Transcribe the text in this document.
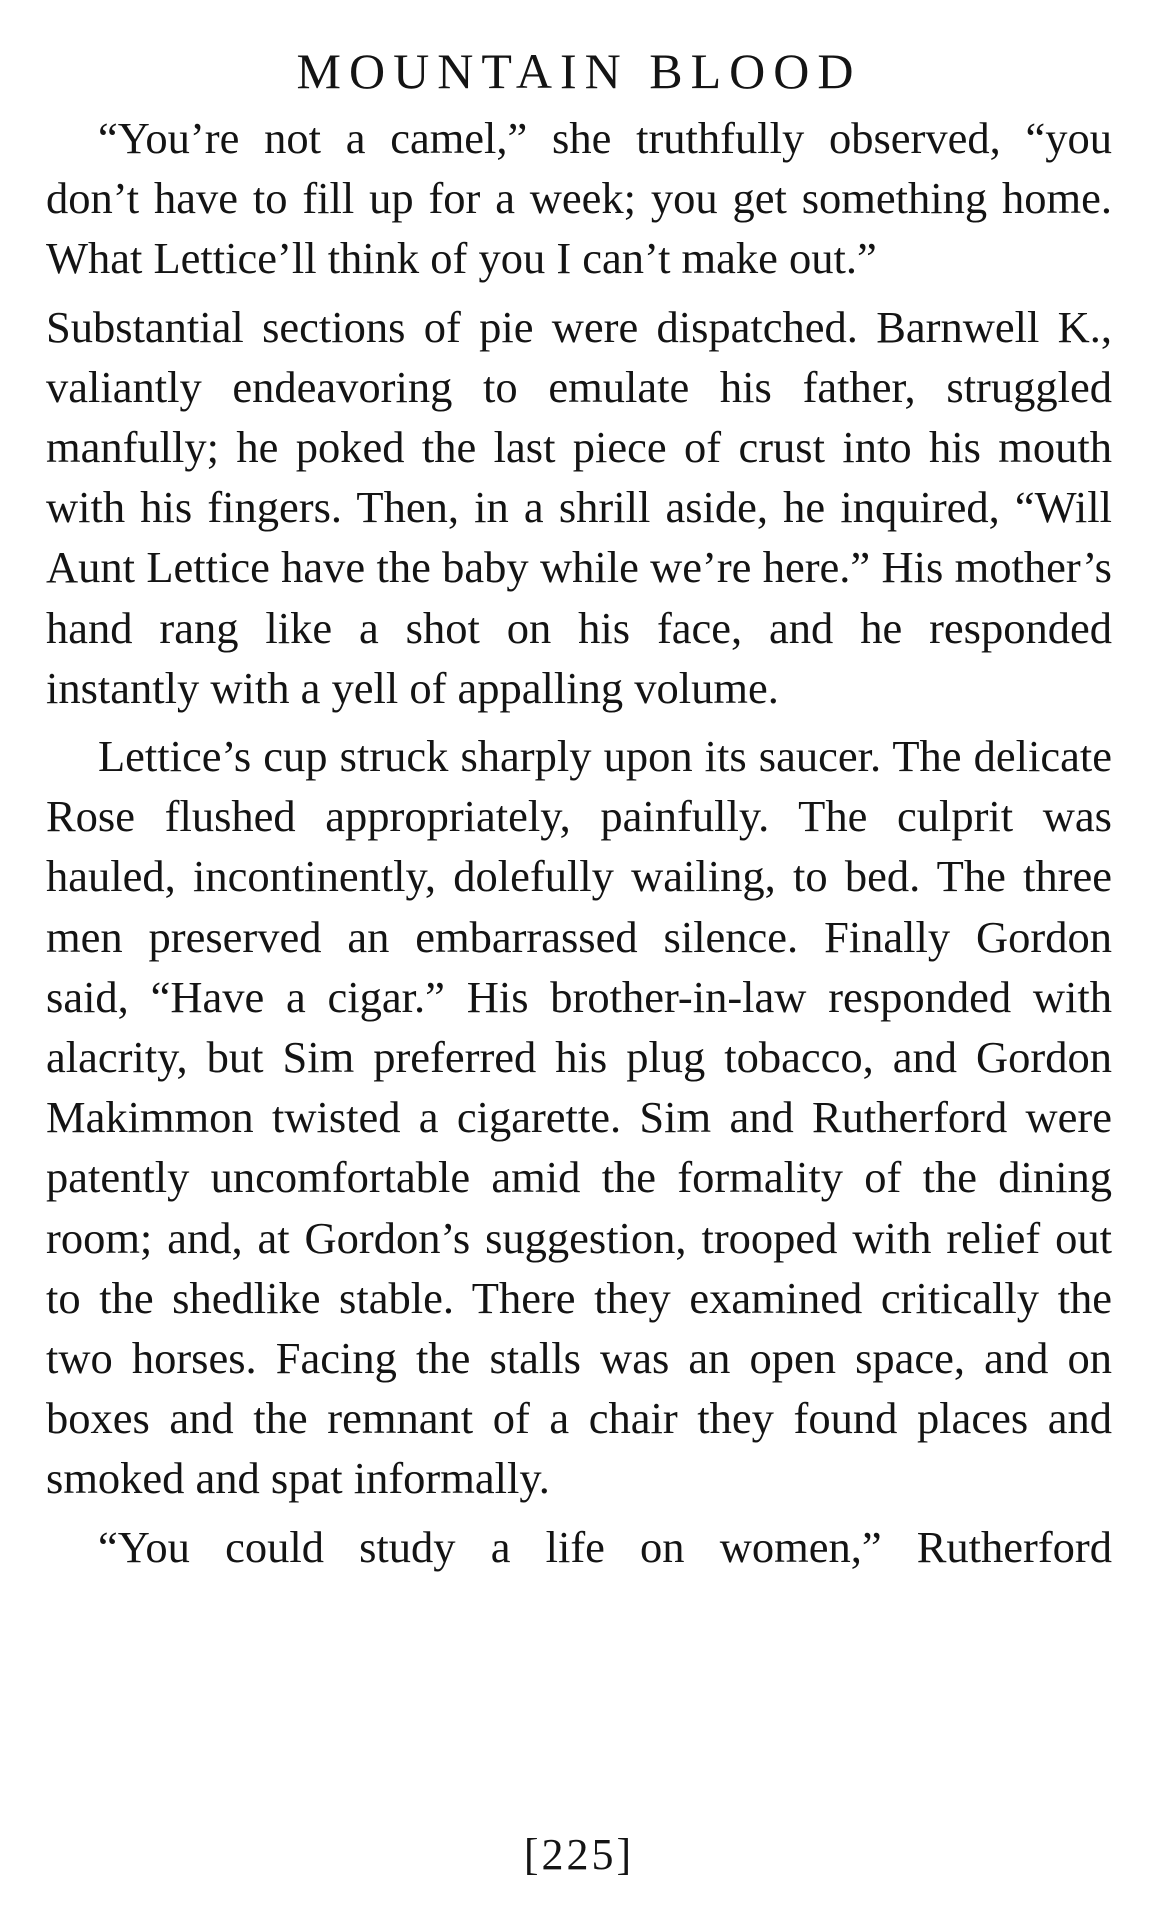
MOUNTAIN BLOOD

“You’re not a camel,” she truthfully observed, “you don’t have to fill up for a week; you get something home. What Lettice’ll think of you I can’t make out.”

Substantial sections of pie were dispatched. Barnwell K., valiantly endeavoring to emulate his father, struggled manfully; he poked the last piece of crust into his mouth with his fingers. Then, in a shrill aside, he inquired, “Will Aunt Lettice have the baby while we’re here.” His mother’s hand rang like a shot on his face, and he responded instantly with a yell of appalling volume.

Lettice’s cup struck sharply upon its saucer. The delicate Rose flushed appropriately, painfully. The culprit was hauled, incontinently, dolefully wailing, to bed. The three men preserved an embarrassed silence. Finally Gordon said, “Have a cigar.” His brother-in-law responded with alacrity, but Sim preferred his plug tobacco, and Gordon Makimmon twisted a cigarette. Sim and Rutherford were patently uncomfortable amid the formality of the dining room; and, at Gordon’s suggestion, trooped with relief out to the shedlike stable. There they examined critically the two horses. Facing the stalls was an open space, and on boxes and the remnant of a chair they found places and smoked and spat informally.

“You could study a life on women,” Rutherford

[225]
